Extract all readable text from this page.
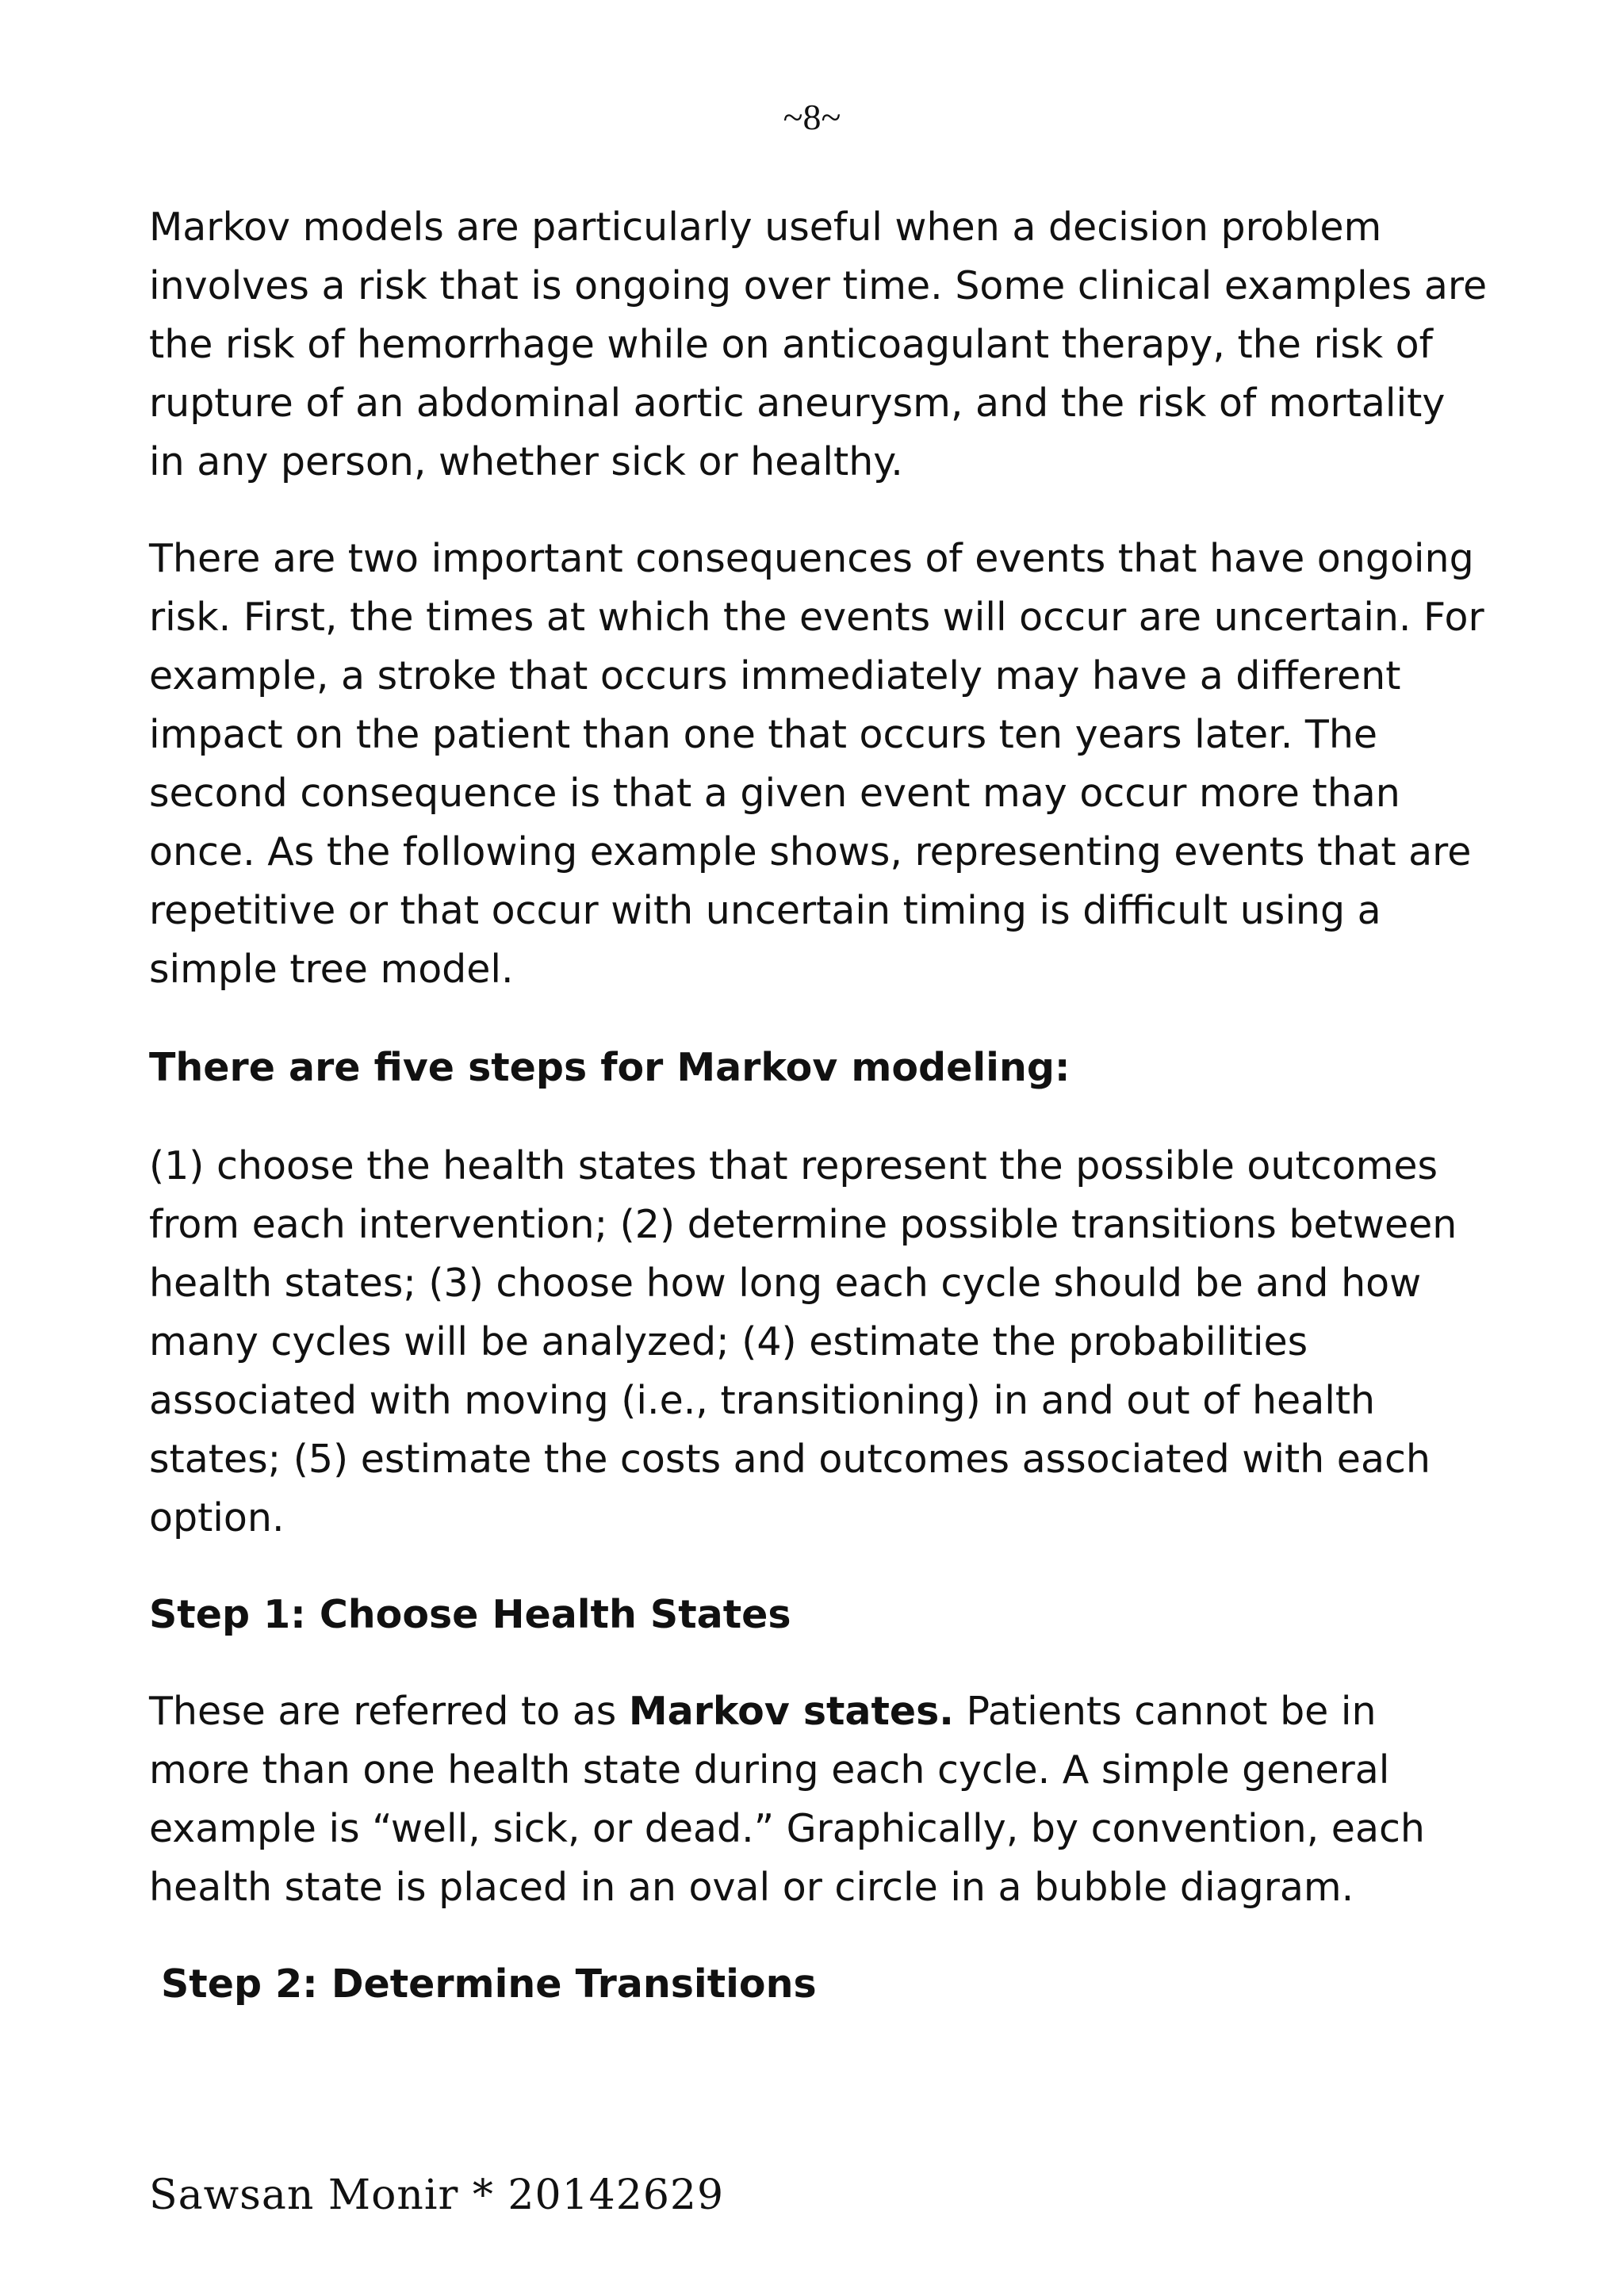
~8~

Markov models are particularly useful when a decision problem involves a risk that is ongoing over time. Some clinical examples are the risk of hemorrhage while on anticoagulant therapy, the risk of rupture of an abdominal aortic aneurysm, and the risk of mortality in any person, whether sick or healthy.

There are two important consequences of events that have ongoing risk. First, the times at which the events will occur are uncertain. For example, a stroke that occurs immediately may have a different impact on the patient than one that occurs ten years later. The second consequence is that a given event may occur more than once. As the following example shows, representing events that are repetitive or that occur with uncertain timing is difficult using a simple tree model.

There are five steps for Markov modeling:

(1) choose the health states that represent the possible outcomes from each intervention; (2) determine possible transitions between health states; (3) choose how long each cycle should be and how many cycles will be analyzed; (4) estimate the probabilities associated with moving (i.e., transitioning) in and out of health states; (5) estimate the costs and outcomes associated with each option.

Step 1: Choose Health States

These are referred to as Markov states. Patients cannot be in more than one health state during each cycle. A simple general example is “well, sick, or dead.” Graphically, by convention, each health state is placed in an oval or circle in a bubble diagram.

Step 2: Determine Transitions

Sawsan Monir * 20142629
